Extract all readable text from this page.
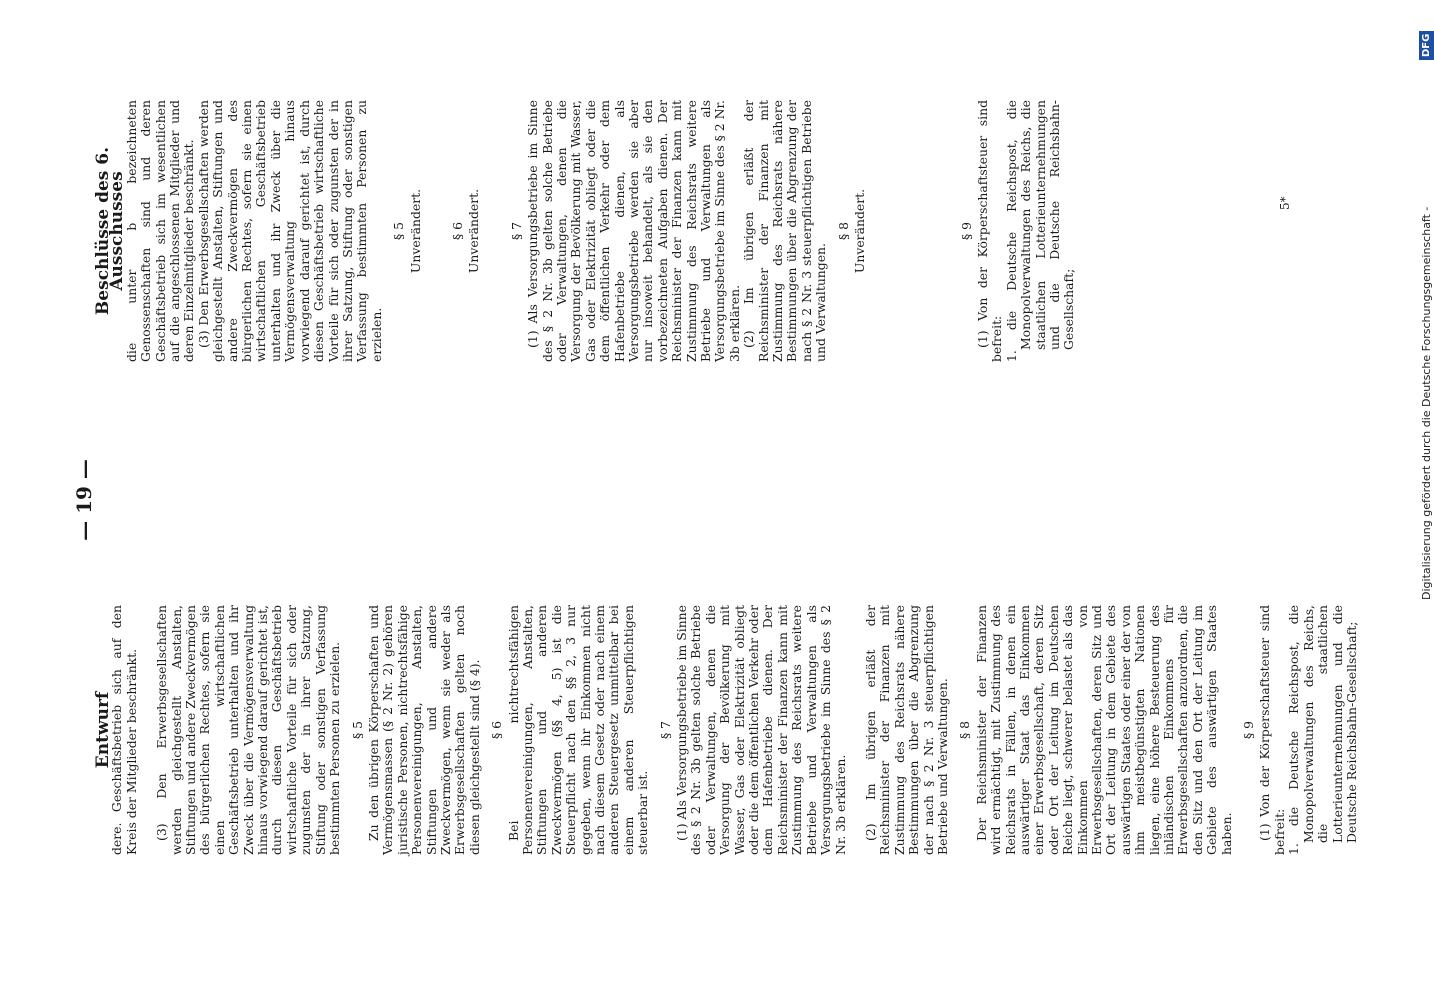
— 19 —
Entwurf

dere. Geschäftsbetrieb sich auf den Kreis der Mitglieder beschränkt. (3) Den Erwerbsgesellschaften werden gleichgestellt Anstalten, Stiftungen und andere Zweckvermögen des bürgerlichen Rechtes, sofern sie einen wirtschaftlichen Geschäftsbetrieb unterhalten und ihr Zweck über die Vermögensverwaltung hinaus vorwiegend darauf gerichtet ist, durch diesen Geschäftsbetrieb wirtschaftliche Vorteile für sich oder zugunsten der in ihrer Satzung, Stiftung oder sonstigen Verfassung bestimmten Personen zu erzielen. § 5 Zu den übrigen Körperschaften und Vermögensmassen (§ 2 Nr. 2) gehören juristische Personen, nichtrechtsfähige Personenvereinigungen, Anstalten, Stiftungen und andere Zweckvermögen, wenn sie weder als Erwerbsgesellschaften gelten noch diesen gleichgestellt sind (§ 4). § 6 Bei nichtrechtsfähigen Personenvereinigungen, Anstalten, Stiftungen und anderen Zweckvermögen (§§ 4, 5) ist die Steuerpflicht nach den §§ 2, 3 nur gegeben, wenn ihr Einkommen nicht nach diesem Gesetz oder nach einem anderen Steuergesetz unmittelbar bei einem anderen Steuerpflichtigen steuerbar ist.

§ 7 (1) Als Versorgungsbetriebe im Sinne des § 2 Nr. 3b gelten solche Betriebe oder Verwaltungen, denen die Versorgung der Bevölkerung mit Wasser, Gas oder Elektrizität obliegt oder die dem öffentlichen Verkehr oder dem Hafenbetriebe dienen. Der Reichsminister der Finanzen kann mit Zustimmung des Reichsrats weitere Betriebe und Verwaltungen als Versorgungsbetriebe im Sinne des § 2 Nr. 3b erklären. (2) Im übrigen erläßt der Reichsminister der Finanzen mit Zustimmung des Reichsrats nähere Bestimmungen über die Abgrenzung der nach § 2 Nr. 3 steuerpflichtigen Betriebe und Verwaltungen. § 8 Der Reichsminister der Finanzen wird ermächtigt, mit Zustimmung des Reichsrats in Fällen, in denen ein auswärtiger Staat das Einkommen einer Erwerbsgesellschaft, deren Sitz oder Ort der Leitung im Deutschen Reiche liegt, schwerer belastet als das Einkommen von Erwerbsgesellschaften, deren Sitz und Ort der Leitung in dem Gebiete des auswärtigen Staates oder einer der von ihm meistbegünstigten Nationen liegen, eine höhere Besteuerung des inländischen Einkommens für Erwerbsgesellschaften anzuordnen, die den Sitz und den Ort der Leitung im Gebiete des auswärtigen Staates haben.

§ 9 (1) Von der Körperschaftsteuer sind befreit: 1. die Deutsche Reichspost, die Monopolverwaltungen des Reichs, die staatlichen Lotterieunternehmungen und die Deutsche Reichsbahn-Gesellschaft;

Beschlüsse des 6. Ausschusses

die unter b bezeichneten Genossenschaften sind und deren Geschäftsbetrieb sich im wesentlichen auf die angeschlossenen Mitglieder und deren Einzelmitglieder beschränkt. (3) Den Erwerbsgesellschaften werden gleichgestellt Anstalten, Stiftungen und andere Zweckvermögen des bürgerlichen Rechtes, sofern sie einen wirtschaftlichen Geschäftsbetrieb unterhalten und ihr Zweck über die Vermögensverwaltung hinaus vorwiegend darauf gerichtet ist, durch diesen Geschäftsbetrieb wirtschaftliche Vorteile für sich oder zugunsten der in ihrer Satzung, Stiftung oder sonstigen Verfassung bestimmten Personen zu erzielen.

§ 5 Unverändert. § 6 Unverändert. § 7 (1) Als Versorgungsbetriebe im Sinne des § 2 Nr. 3b gelten solche Betriebe oder Verwaltungen, denen die Versorgung der Bevölkerung mit Wasser, Gas oder Elektrizität obliegt oder die dem öffentlichen Verkehr oder dem Hafenbetriebe dienen, als Versorgungsbetriebe werden sie aber nur insoweit behandelt, als sie den vorbezeichneten Aufgaben dienen. Der Reichsminister der Finanzen kann mit Zustimmung des Reichsrats weitere Betriebe und Verwaltungen als Versorgungsbetriebe im Sinne des § 2 Nr. 3b erklären. (2) Im übrigen erläßt der Reichsminister der Finanzen mit Zustimmung des Reichsrats nähere Bestimmungen über die Abgrenzung der nach § 2 Nr. 3 steuerpflichtigen Betriebe und Verwaltungen.

§ 8 Unverändert.	§ 9 (1) Von der Körperschaftsteuer sind befreit: 1. die Deutsche Reichspost, die Monopolverwaltungen des Reichs, die staatlichen Lotterieunternehmungen und die Deutsche Reichsbahn-Gesellschaft;

5*
Digitalisierung gefördert durch die Deutsche Forschungsgemeinschaft -
DFG
